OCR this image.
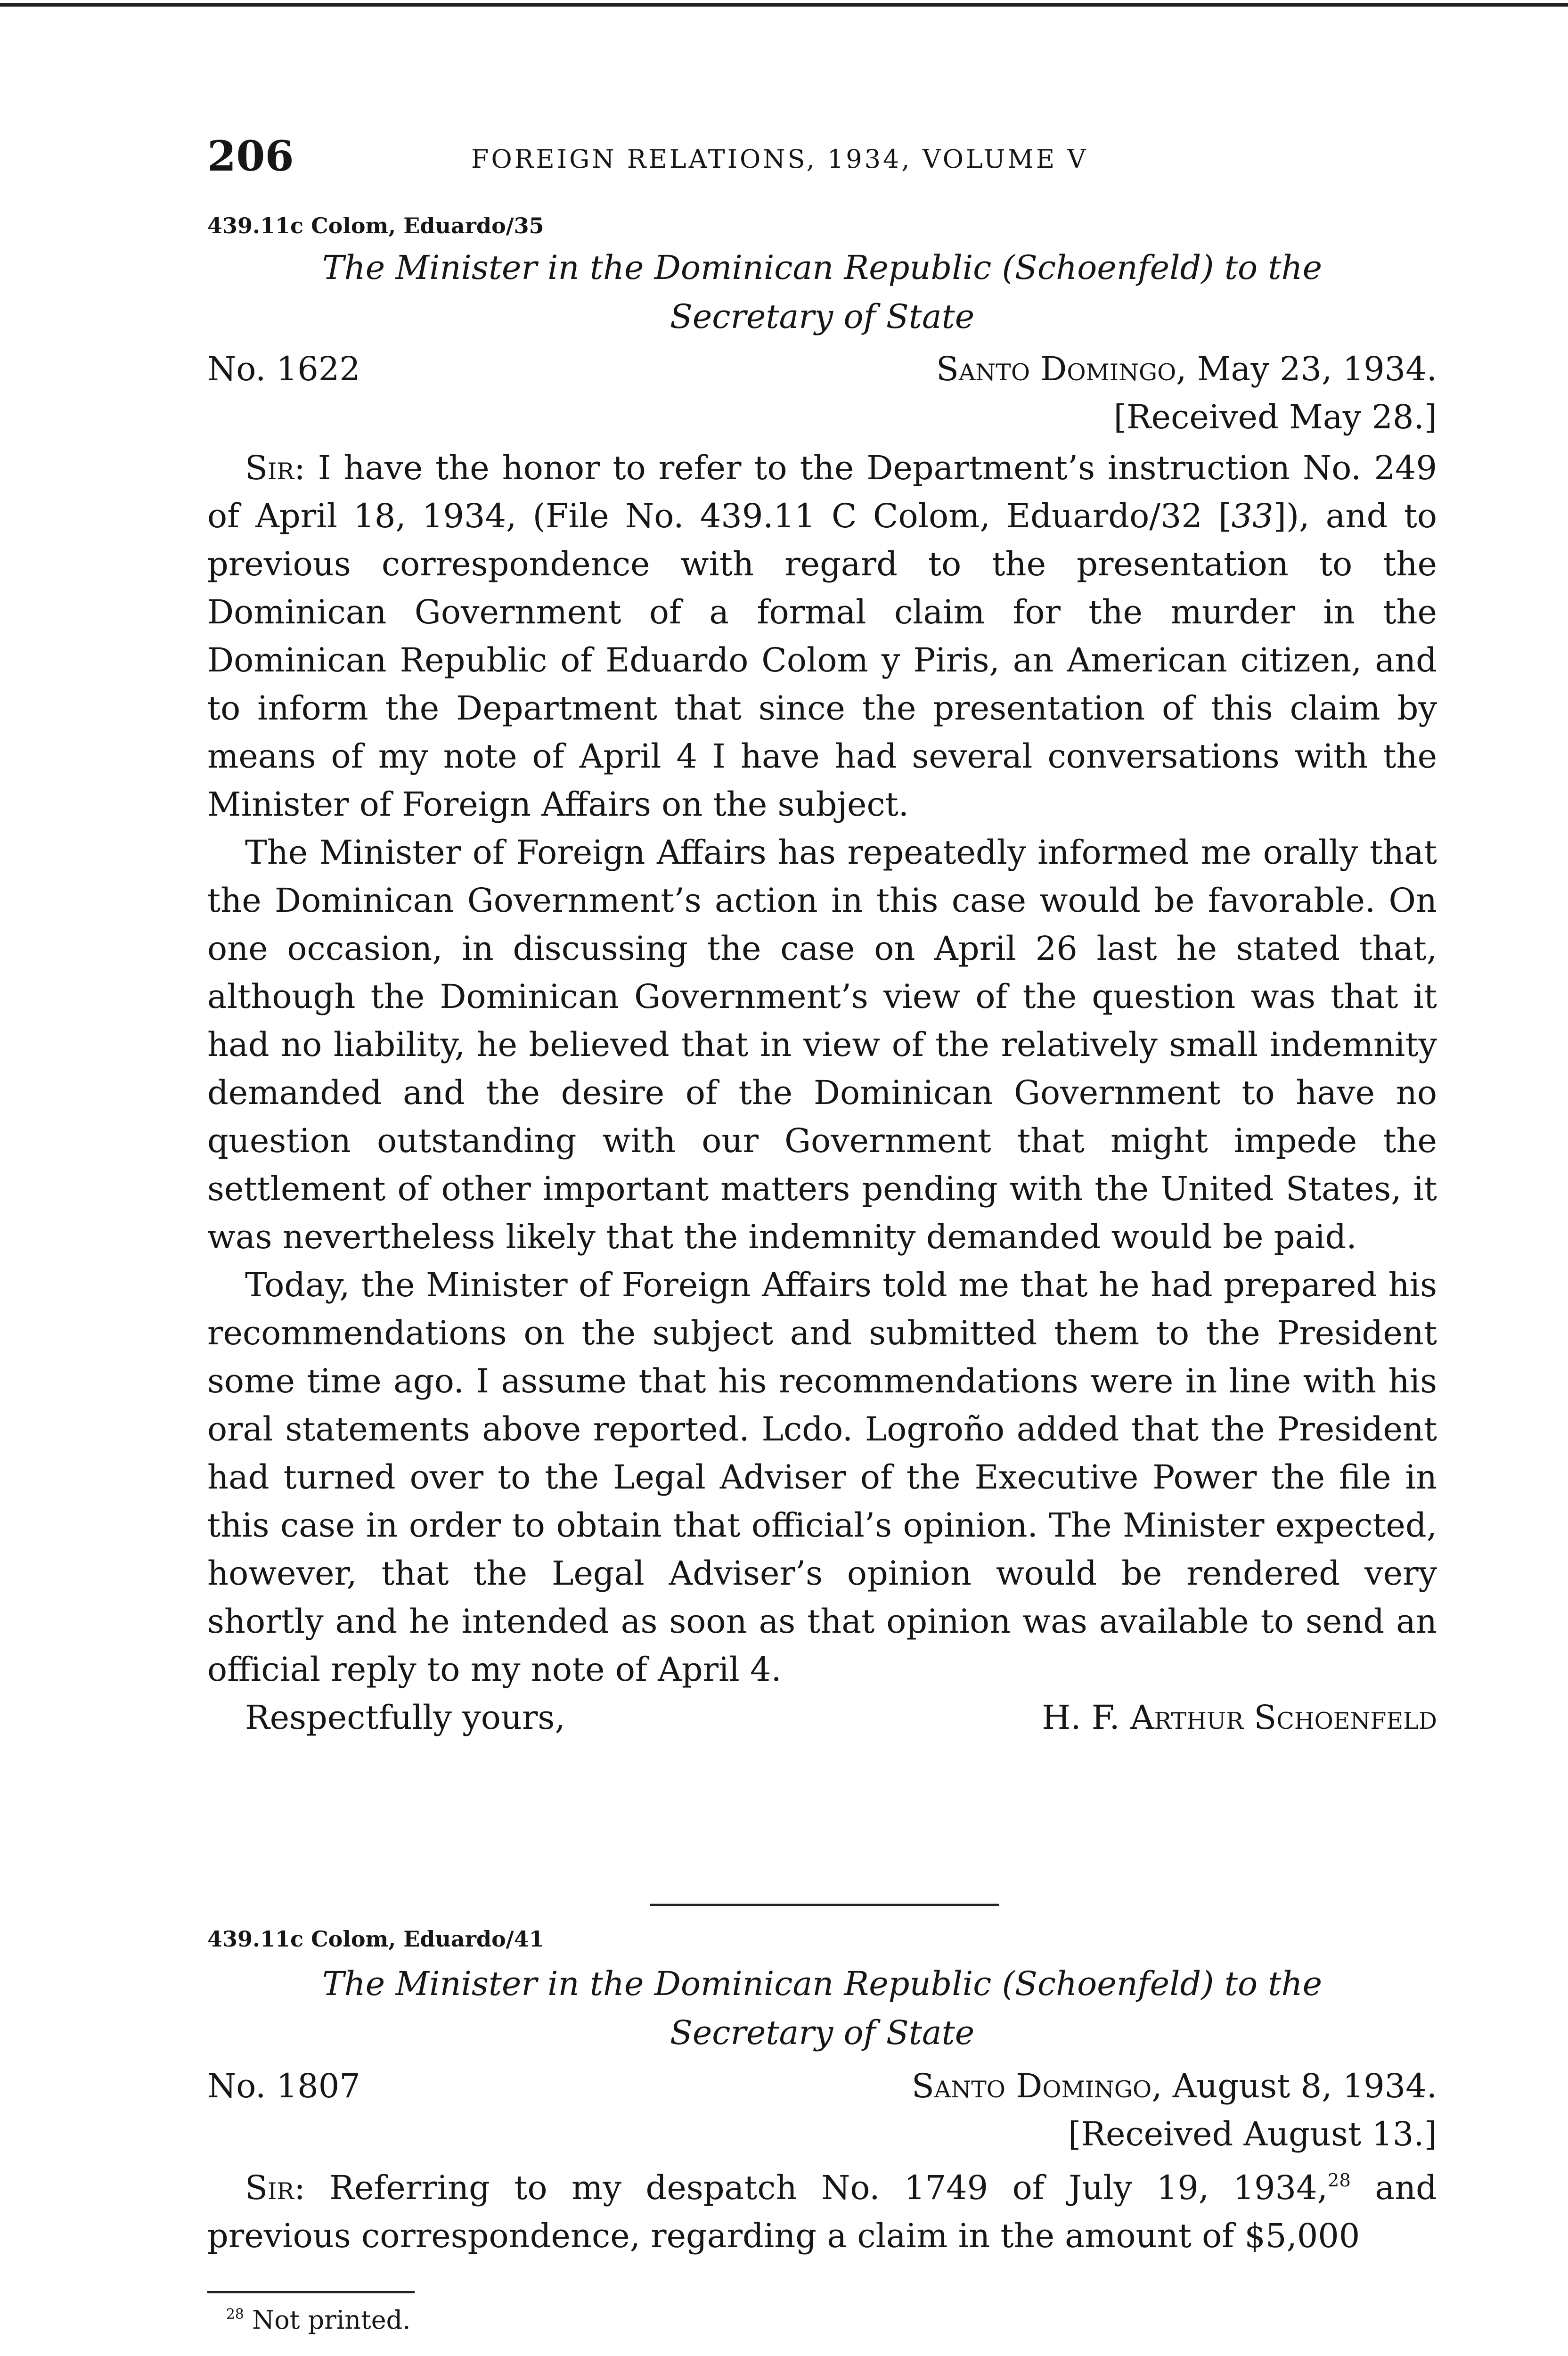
206	FOREIGN RELATIONS, 1934, VOLUME V
439.11c Colom, Eduardo/35
The Minister in the Dominican Republic (Schoenfeld) to the
Secretary of State
No. 1622	Santo Domingo, May 23, 1934.
[Received May 28.]

Sir: I have the honor to refer to the Department’s instruction No. 249 of April 18, 1934, (File No. 439.11 C Colom, Eduardo/32 [33]), and to previous correspondence with regard to the presentation to the Dominican Government of a formal claim for the murder in the Dominican Republic of Eduardo Colom y Piris, an American citizen, and to inform the Department that since the presentation of this claim by means of my note of April 4 I have had several conversations with the Minister of Foreign Affairs on the subject.

The Minister of Foreign Affairs has repeatedly informed me orally that the Dominican Government’s action in this case would be favorable. On one occasion, in discussing the case on April 26 last he stated that, although the Dominican Government’s view of the question was that it had no liability, he believed that in view of the relatively small indemnity demanded and the desire of the Dominican Government to have no question outstanding with our Government that might impede the settlement of other important matters pending with the United States, it was nevertheless likely that the indemnity demanded would be paid.

Today, the Minister of Foreign Affairs told me that he had prepared his recommendations on the subject and submitted them to the President some time ago. I assume that his recommendations were in line with his oral statements above reported. Lcdo. Logroño added that the President had turned over to the Legal Adviser of the Executive Power the file in this case in order to obtain that official’s opinion. The Minister expected, however, that the Legal Adviser’s opinion would be rendered very shortly and he intended as soon as that opinion was available to send an official reply to my note of April 4.

Respectfully yours,	H. F. Arthur Schoenfeld
439.11c Colom, Eduardo/41
The Minister in the Dominican Republic (Schoenfeld) to the
Secretary of State
No. 1807	Santo Domingo, August 8, 1934.
[Received August 13.]

Sir: Referring to my despatch No. 1749 of July 19, 1934,28 and previous correspondence, regarding a claim in the amount of $5,000

$^{28}$ Not printed.
